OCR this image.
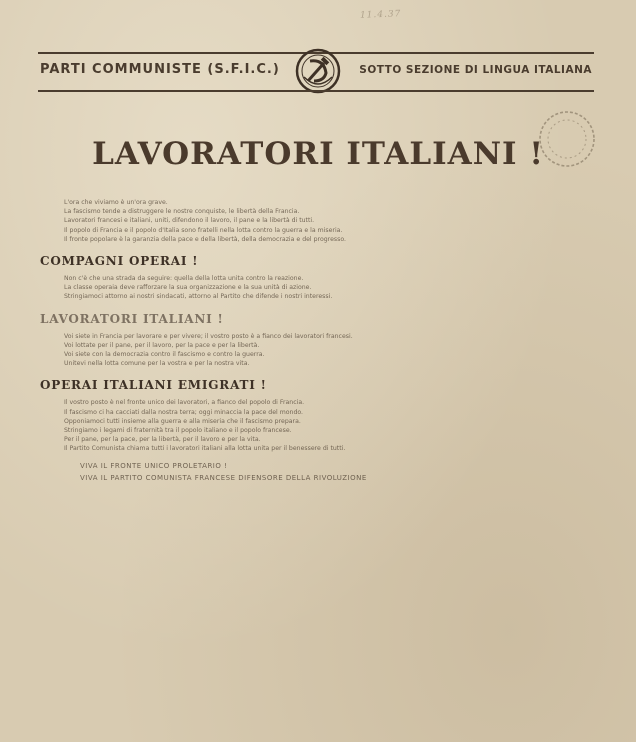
11.4.37
PARTI COMMUNISTE (S.F.I.C.)	SOTTO SEZIONE DI LINGUA ITALIANA
LAVORATORI ITALIANI !

L'ora che viviamo è un'ora grave.

La fascismo tende a distruggere le nostre conquiste, le libertà della Francia.

Lavoratori francesi e italiani, uniti, difendono il lavoro, il pane e la libertà di tutti.

Il popolo di Francia e il popolo d'Italia sono fratelli nella lotta contro la guerra e la miseria.

Il fronte popolare è la garanzia della pace e della libertà, della democrazia e del progresso.

COMPAGNI OPERAI !

Non c'è che una strada da seguire: quella della lotta unita contro la reazione.

La classe operaia deve rafforzare la sua organizzazione e la sua unità di azione.

Stringiamoci attorno ai nostri sindacati, attorno al Partito che difende i nostri interessi.

LAVORATORI ITALIANI !

Voi siete in Francia per lavorare e per vivere; il vostro posto è a fianco dei lavoratori francesi.

Voi lottate per il pane, per il lavoro, per la pace e per la libertà.

Voi siete con la democrazia contro il fascismo e contro la guerra.

Unitevi nella lotta comune per la vostra e per la nostra vita.

OPERAI ITALIANI EMIGRATI !

Il vostro posto è nel fronte unico dei lavoratori, a fianco del popolo di Francia.

Il fascismo ci ha cacciati dalla nostra terra; oggi minaccia la pace del mondo.

Opponiamoci tutti insieme alla guerra e alla miseria che il fascismo prepara.

Stringiamo i legami di fraternità tra il popolo italiano e il popolo francese.

Per il pane, per la pace, per la libertà, per il lavoro e per la vita.

Il Partito Comunista chiama tutti i lavoratori italiani alla lotta unita per il benessere di tutti.

VIVA IL FRONTE UNICO PROLETARIO !

VIVA IL PARTITO COMUNISTA FRANCESE DIFENSORE DELLA RIVOLUZIONE
